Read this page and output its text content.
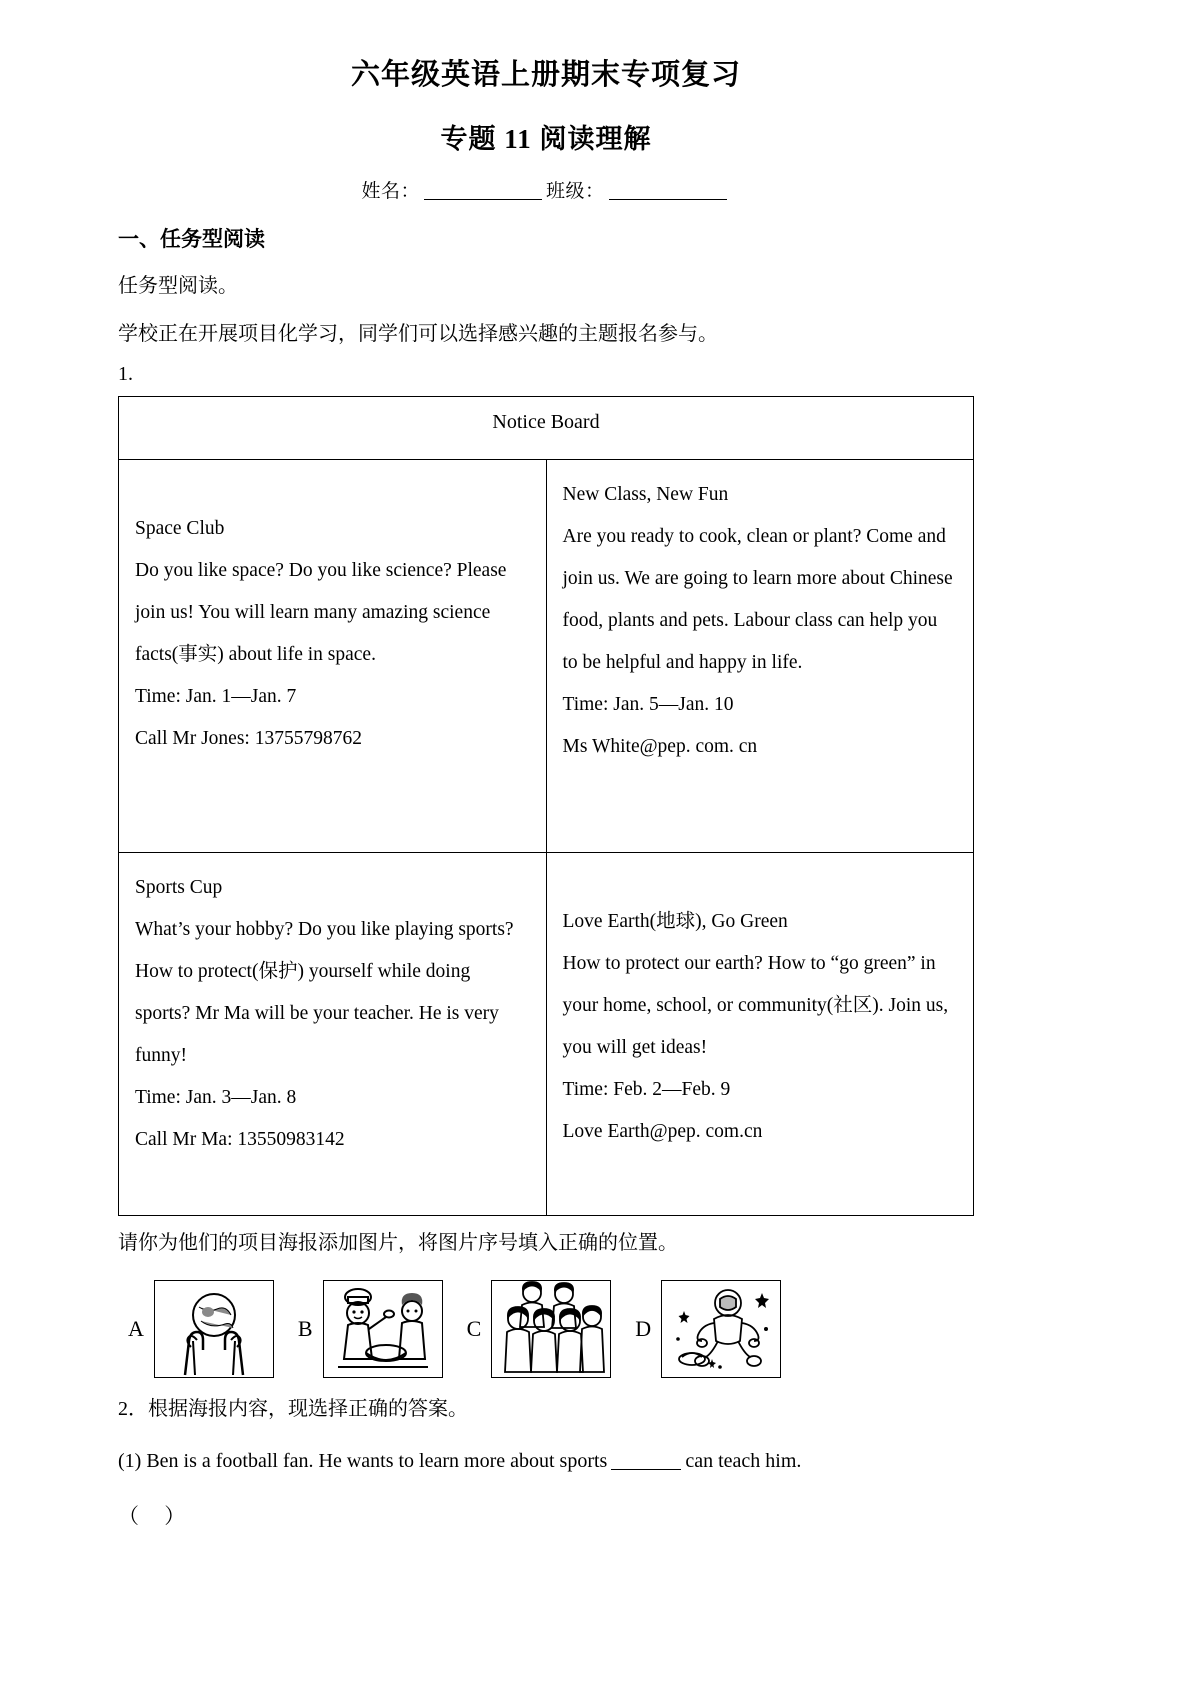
六年级英语上册期末专项复习
专题 11 阅读理解
姓名：	班级：
一、任务型阅读
任务型阅读。
学校正在开展项目化学习，同学们可以选择感兴趣的主题报名参与。
1.
Notice Board	

Space Club
Do you like space? Do you like science? Please join us! You will learn many amazing science facts(事实) about life in space.
Time: Jan. 1—Jan. 7
Call Mr Jones: 13755798762

New Class, New Fun
Are you ready to cook, clean or plant? Come and join us. We are going to learn more about Chinese food, plants and pets. Labour class can help you to be helpful and happy in life.
Time: Jan. 5—Jan. 10
Ms White@pep. com. cn

Sports Cup
What’s your hobby? Do you like playing sports? How to protect(保护) yourself while doing sports? Mr Ma will be your teacher. He is very funny!
Time: Jan. 3—Jan. 8
Call Mr Ma: 13550983142

Love Earth(地球), Go Green
How to protect our earth? How to “go green” in your home, school, or community(社区). Join us, you will get ideas!
Time: Feb. 2—Feb. 9
Love Earth@pep. com.cn
请你为他们的项目海报添加图片，将图片序号填入正确的位置。
A	B	C	D
2．根据海报内容，现选择正确的答案。
(1) Ben is a football fan. He wants to learn more about sports	can teach him.
（ ）
